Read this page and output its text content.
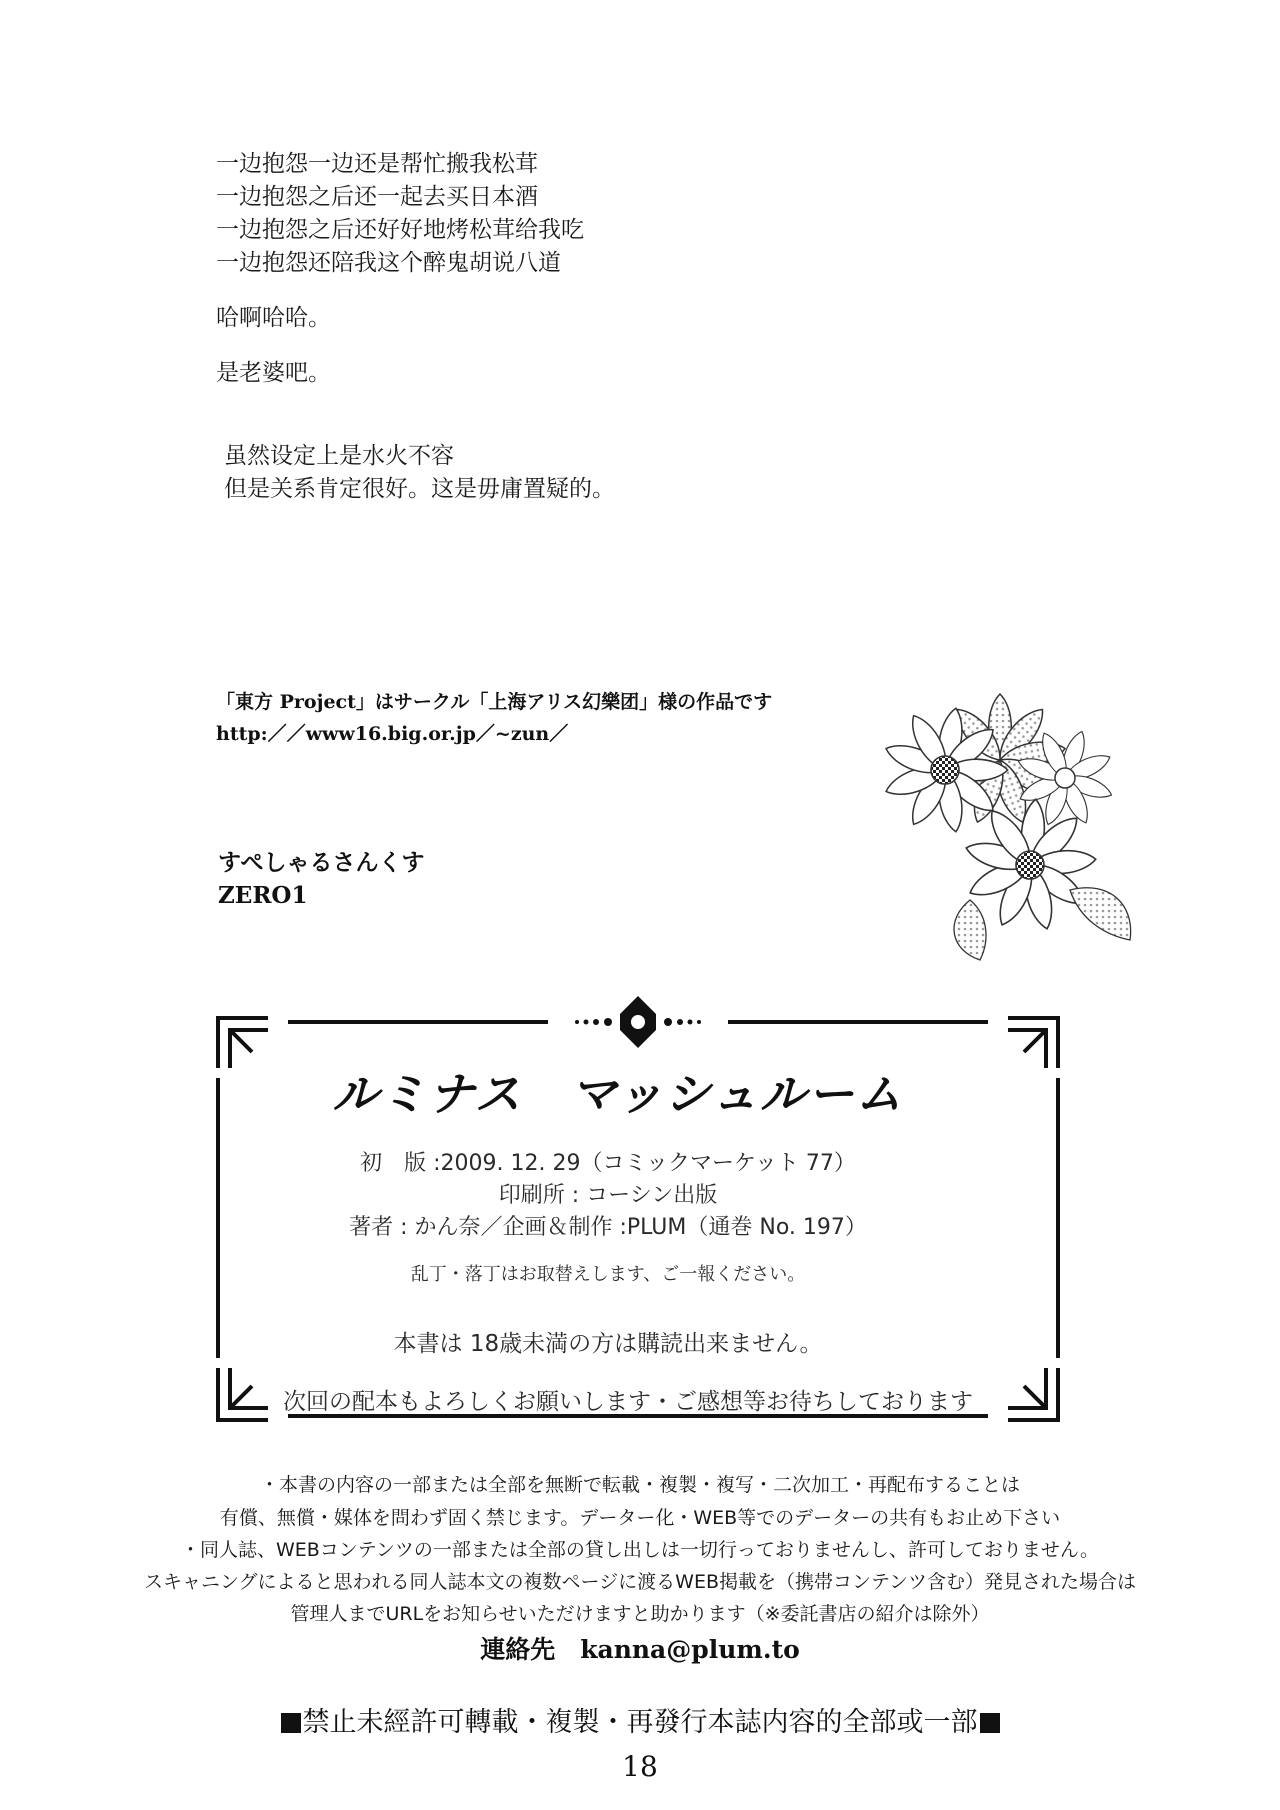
一边抱怨一边还是帮忙搬我松茸
一边抱怨之后还一起去买日本酒
一边抱怨之后还好好地烤松茸给我吃
一边抱怨还陪我这个醉鬼胡说八道
哈啊哈哈。
是老婆吧。
虽然设定上是水火不容
但是关系肯定很好。这是毋庸置疑的。
「東方 Project」はサークル「上海アリス幻樂团」様の作品です
http:／／www16.big.or.jp／~zun／
すぺしゃるさんくす
ZERO1
ルミナス　マッシュルーム
初　版 :2009. 12. 29（コミックマーケット 77）
印刷所 : コーシン出版
著者 : かん奈／企画＆制作 :PLUM（通巻 No. 197）
乱丁・落丁はお取替えします、ご一報ください。
本書は 18歳未満の方は購読出来ません。
次回の配本もよろしくお願いします・ご感想等お待ちしております
・本書の内容の一部または全部を無断で転載・複製・複写・二次加工・再配布することは
有償、無償・媒体を問わず固く禁じます。データー化・WEB等でのデーターの共有もお止め下さい
・同人誌、WEBコンテンツの一部または全部の貸し出しは一切行っておりませんし、許可しておりません。
スキャニングによると思われる同人誌本文の複数ページに渡るWEB掲載を（携帯コンテンツ含む）発見された場合は
管理人までURLをお知らせいただけますと助かります（※委託書店の紹介は除外）
連絡先　kanna@plum.to
禁止未經許可轉載・複製・再發行本誌内容的全部或一部
18
